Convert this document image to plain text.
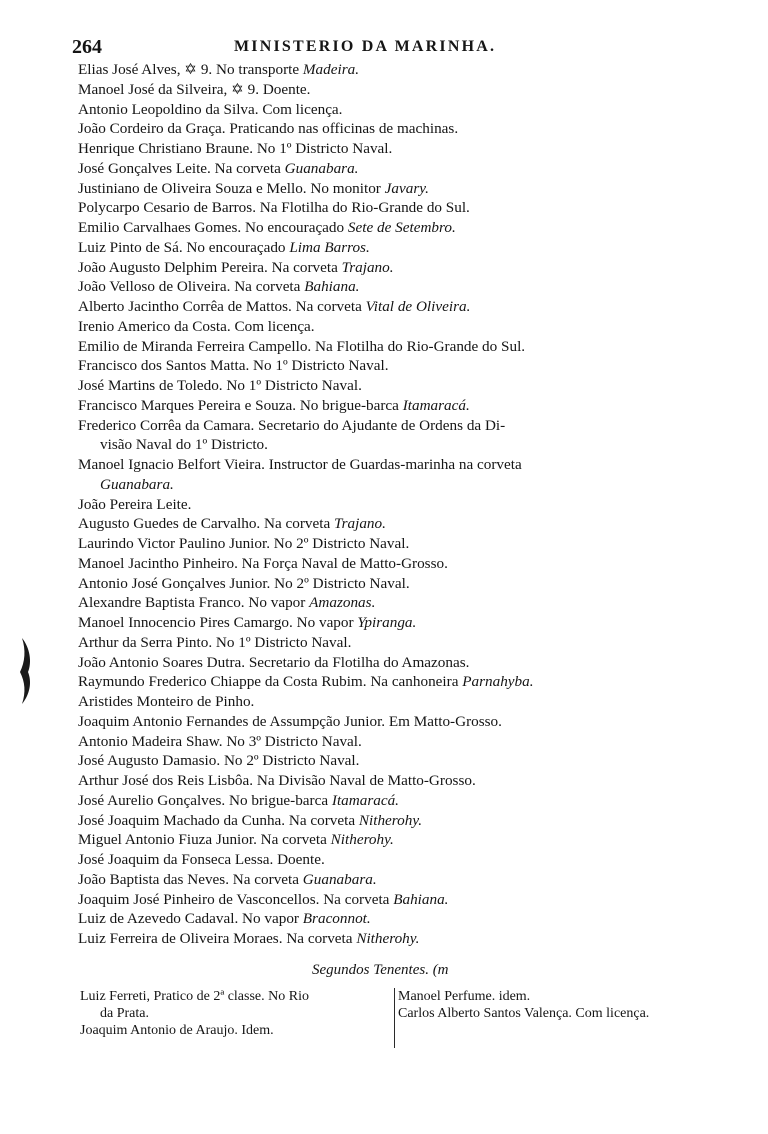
264	MINISTERIO DA MARINHA.
Elias José Alves, ✡ 9. No transporte Madeira.
Manoel José da Silveira, ✡ 9. Doente.
Antonio Leopoldino da Silva. Com licença.
João Cordeiro da Graça. Praticando nas officinas de machinas.
Henrique Christiano Braune. No 1º Districto Naval.
José Gonçalves Leite. Na corveta Guanabara.
Justiniano de Oliveira Souza e Mello. No monitor Javary.
Polycarpo Cesario de Barros. Na Flotilha do Rio-Grande do Sul.
Emilio Carvalhaes Gomes. No encouraçado Sete de Setembro.
Luiz Pinto de Sá. No encouraçado Lima Barros.
João Augusto Delphim Pereira. Na corveta Trajano.
João Velloso de Oliveira. Na corveta Bahiana.
Alberto Jacintho Corrêa de Mattos. Na corveta Vital de Oliveira.
Irenio Americo da Costa. Com licença.
Emilio de Miranda Ferreira Campello. Na Flotilha do Rio-Grande do Sul.
Francisco dos Santos Matta. No 1º Districto Naval.
José Martins de Toledo. No 1º Districto Naval.
Francisco Marques Pereira e Souza. No brigue-barca Itamaracá.
Frederico Corrêa da Camara. Secretario do Ajudante de Ordens da Di-
visão Naval do 1º Districto.
Manoel Ignacio Belfort Vieira. Instructor de Guardas-marinha na corveta
Guanabara.
João Pereira Leite.
Augusto Guedes de Carvalho. Na corveta Trajano.
Laurindo Victor Paulino Junior. No 2º Districto Naval.
Manoel Jacintho Pinheiro. Na Força Naval de Matto-Grosso.
Antonio José Gonçalves Junior. No 2º Districto Naval.
Alexandre Baptista Franco. No vapor Amazonas.
Manoel Innocencio Pires Camargo. No vapor Ypiranga.
Arthur da Serra Pinto. No 1º Districto Naval.
João Antonio Soares Dutra. Secretario da Flotilha do Amazonas.
Raymundo Frederico Chiappe da Costa Rubim. Na canhoneira Parnahyba.
Aristides Monteiro de Pinho.
Joaquim Antonio Fernandes de Assumpção Junior. Em Matto-Grosso.
Antonio Madeira Shaw. No 3º Districto Naval.
José Augusto Damasio. No 2º Districto Naval.
Arthur José dos Reis Lisbôa. Na Divisão Naval de Matto-Grosso.
José Aurelio Gonçalves. No brigue-barca Itamaracá.
José Joaquim Machado da Cunha. Na corveta Nitherohy.
Miguel Antonio Fiuza Junior. Na corveta Nitherohy.
José Joaquim da Fonseca Lessa. Doente.
João Baptista das Neves. Na corveta Guanabara.
Joaquim José Pinheiro de Vasconcellos. Na corveta Bahiana.
Luiz de Azevedo Cadaval. No vapor Braconnot.
Luiz Ferreira de Oliveira Moraes. Na corveta Nitherohy.
Segundos Tenentes. (m
Luiz Ferreti, Pratico de 2ª classe. No Rio
da Prata.
Joaquim Antonio de Araujo. Idem.
Manoel Perfume. idem.
Carlos Alberto Santos Valença. Com licença.
